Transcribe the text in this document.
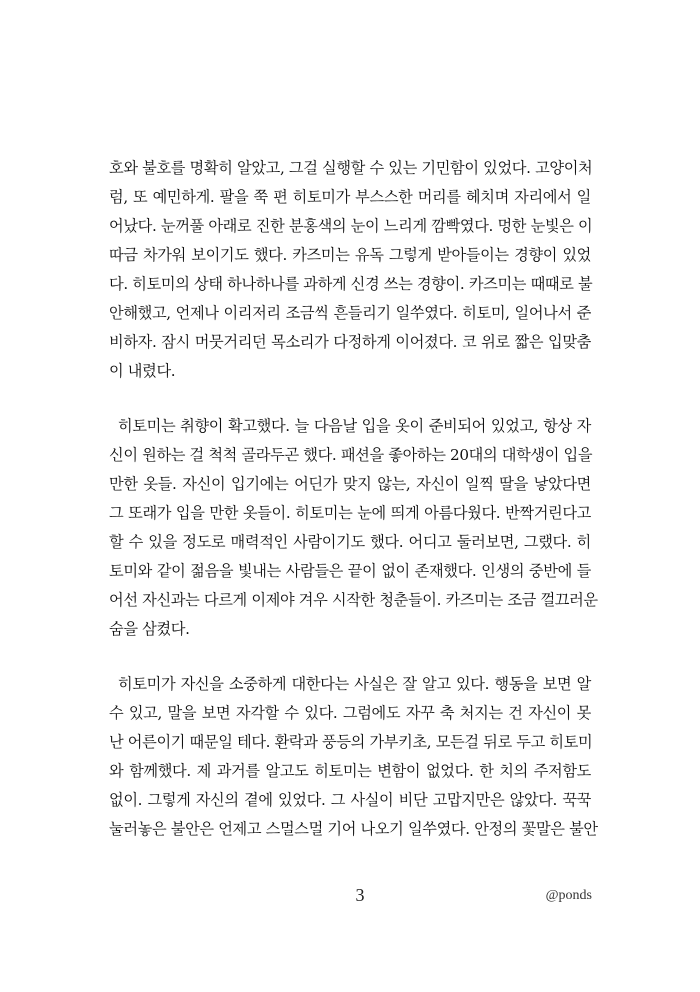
호와 불호를 명확히 알았고, 그걸 실행할 수 있는 기민함이 있었다. 고양이처
럼, 또 예민하게. 팔을 쭉 편 히토미가 부스스한 머리를 헤치며 자리에서 일
어났다. 눈꺼풀 아래로 진한 분홍색의 눈이 느리게 깜빡였다. 멍한 눈빛은 이
따금 차가워 보이기도 했다. 카즈미는 유독 그렇게 받아들이는 경향이 있었
다. 히토미의 상태 하나하나를 과하게 신경 쓰는 경향이. 카즈미는 때때로 불
안해했고, 언제나 이리저리 조금씩 흔들리기 일쑤였다. 히토미, 일어나서 준
비하자. 잠시 머뭇거리던 목소리가 다정하게 이어졌다. 코 위로 짧은 입맞춤
이 내렸다.
히토미는 취향이 확고했다. 늘 다음날 입을 옷이 준비되어 있었고, 항상 자
신이 원하는 걸 척척 골라두곤 했다. 패션을 좋아하는 20대의 대학생이 입을
만한 옷들. 자신이 입기에는 어딘가 맞지 않는, 자신이 일찍 딸을 낳았다면
그 또래가 입을 만한 옷들이. 히토미는 눈에 띄게 아름다웠다. 반짝거린다고
할 수 있을 정도로 매력적인 사람이기도 했다. 어디고 둘러보면, 그랬다. 히
토미와 같이 젊음을 빛내는 사람들은 끝이 없이 존재했다. 인생의 중반에 들
어선 자신과는 다르게 이제야 겨우 시작한 청춘들이. 카즈미는 조금 껄끄러운
숨을 삼켰다.
히토미가 자신을 소중하게 대한다는 사실은 잘 알고 있다. 행동을 보면 알
수 있고, 말을 보면 자각할 수 있다. 그럼에도 자꾸 축 처지는 건 자신이 못
난 어른이기 때문일 테다. 환락과 풍등의 가부키초, 모든걸 뒤로 두고 히토미
와 함께했다. 제 과거를 알고도 히토미는 변함이 없었다. 한 치의 주저함도
없이. 그렇게 자신의 곁에 있었다. 그 사실이 비단 고맙지만은 않았다. 꾹꾹
눌러놓은 불안은 언제고 스멀스멀 기어 나오기 일쑤였다. 안정의 꽃말은 불안
3	@ponds
